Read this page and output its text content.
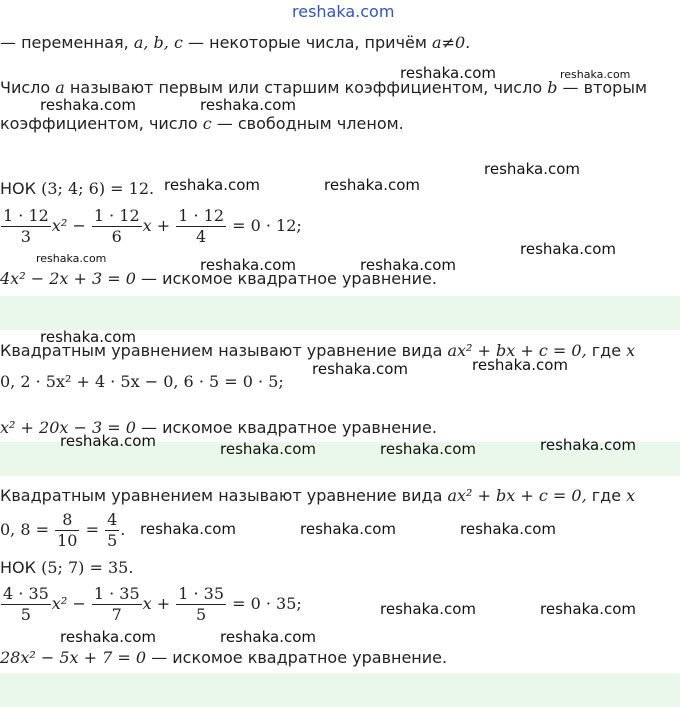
reshaka.com
— переменная, a, b, c — некоторые числа, причём a≠0.
Число a называют первым или старшим коэффициентом, число b — вторым
коэффициентом, число c — свободным членом.
НОК (3; 4; 6) = 12.
$\frac{1 \cdot 12}{3} x^2 - \frac{1 \cdot 12}{6}$ $x + \frac{1 \cdot 12}{4} = 0 \cdot 12$;
4x² − 2x + 3 = 0 — искомое квадратное уравнение.
Квадратным уравнением называют уравнение вида ax² + bx + c = 0, где x
0, 2 · 5x² + 4 · 5x − 0, 6 · 5 = 0 · 5;
x² + 20x − 3 = 0 — искомое квадратное уравнение.
Квадратным уравнением называют уравнение вида ax² + bx + c = 0, где x
0, $8 = \frac{8}{10} = \frac{4}{5}$ .
НОК (5; 7) = 35.
$\frac{4 \cdot 35}{5} x^2 - \frac{1 \cdot 35}{7}$ $x + \frac{1 \cdot 35}{5} = 0 \cdot 35$;
28x² − 5x + 7 = 0 — искомое квадратное уравнение.
reshaka.com	reshaka.com
reshaka.com	reshaka.com
reshaka.com
reshaka.com	reshaka.com
reshaka.com
reshaka.com	reshaka.com	reshaka.com
reshaka.com
reshaka.com	reshaka.com
reshaka.com	reshaka.com	reshaka.com	reshaka.com
reshaka.com	reshaka.com	reshaka.com
reshaka.com	reshaka.com
reshaka.com	reshaka.com
